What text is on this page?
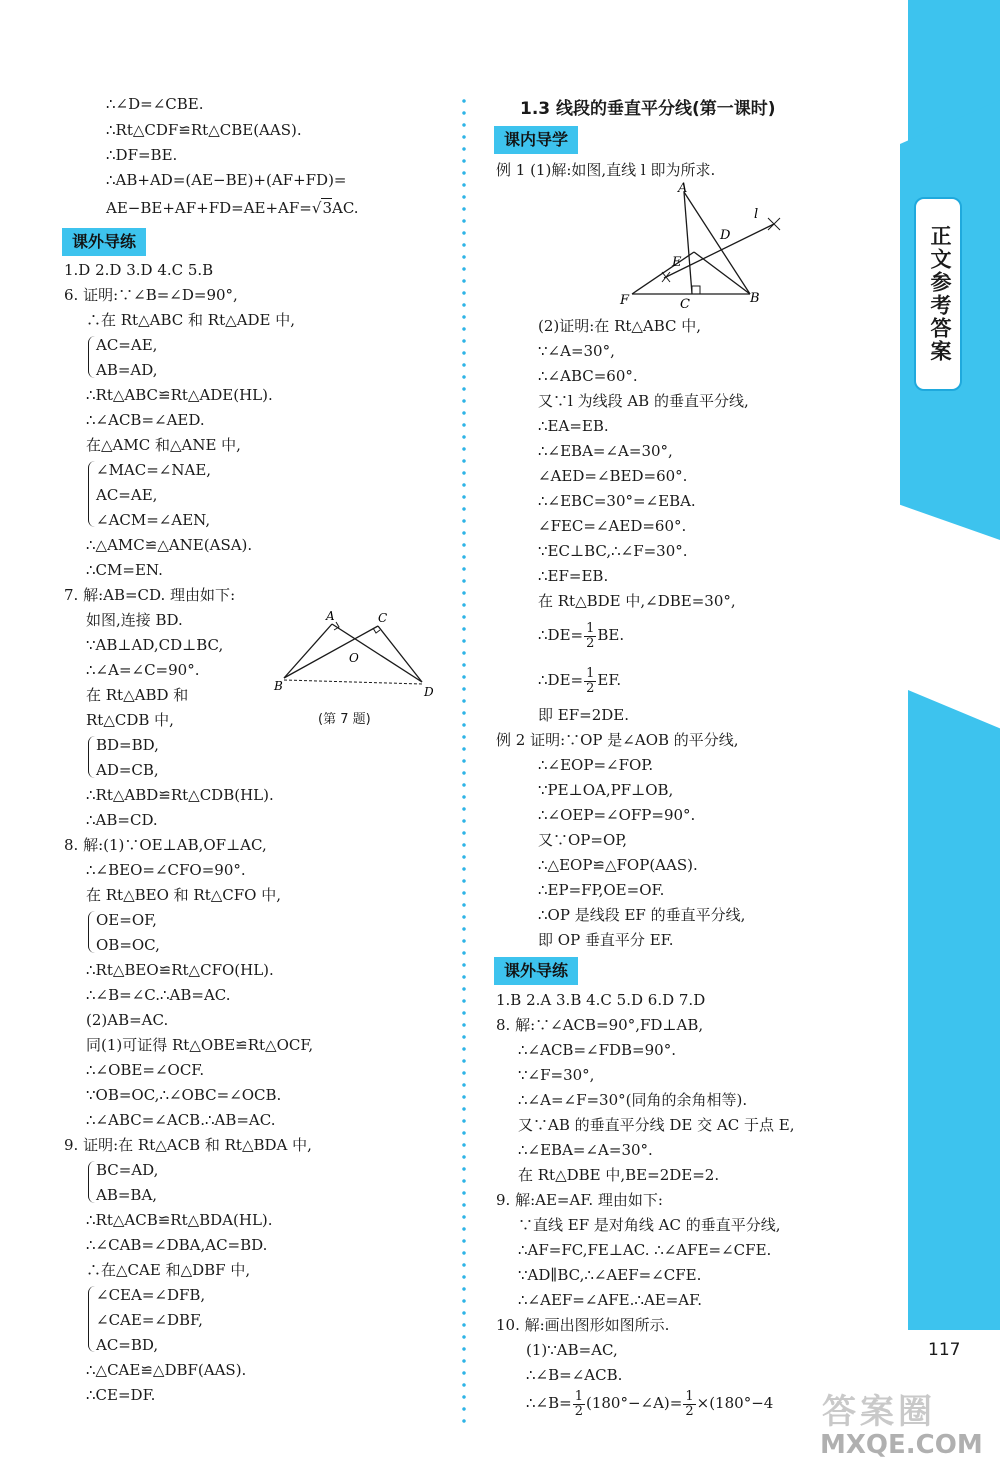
正文参考答案
∴∠D=∠CBE.
∴Rt△CDF≌Rt△CBE(AAS).
∴DF=BE.
∴AB+AD=(AE−BE)+(AF+FD)=
AE−BE+AF+FD=AE+AF=√3AC.
课外导练
1.D 2.D 3.D 4.C 5.B
6. 证明:∵∠B=∠D=90°,
∴在 Rt△ABC 和 Rt△ADE 中,
AC=AE,
AB=AD,
∴Rt△ABC≌Rt△ADE(HL).
∴∠ACB=∠AED.
在△AMC 和△ANE 中,
∠MAC=∠NAE,
AC=AE,
∠ACM=∠AEN,
∴△AMC≌△ANE(ASA).
∴CM=EN.
7. 解:AB=CD. 理由如下:
如图,连接 BD.
∵AB⊥AD,CD⊥BC,
∴∠A=∠C=90°.
在 Rt△ABD 和
Rt△CDB 中,
A	C
O
B	D
(第 7 题)
BD=BD,
AD=CB,
∴Rt△ABD≌Rt△CDB(HL).
∴AB=CD.
8. 解:(1)∵OE⊥AB,OF⊥AC,
∴∠BEO=∠CFO=90°.
在 Rt△BEO 和 Rt△CFO 中,
OE=OF,
OB=OC,
∴Rt△BEO≌Rt△CFO(HL).
∴∠B=∠C.∴AB=AC.
(2)AB=AC.
同(1)可证得 Rt△OBE≌Rt△OCF,
∴∠OBE=∠OCF.
∵OB=OC,∴∠OBC=∠OCB.
∴∠ABC=∠ACB.∴AB=AC.
9. 证明:在 Rt△ACB 和 Rt△BDA 中,
BC=AD,
AB=BA,
∴Rt△ACB≌Rt△BDA(HL).
∴∠CAB=∠DBA,AC=BD.
∴在△CAE 和△DBF 中,
∠CEA=∠DFB,
∠CAE=∠DBF,
AC=BD,
∴△CAE≌△DBF(AAS).
∴CE=DF.
1.3 线段的垂直平分线(第一课时)
课内导学
例 1 (1)解:如图,直线 l 即为所求.
A
l
D
E
F	C	B
(2)证明:在 Rt△ABC 中,
∵∠A=30°,
∴∠ABC=60°.
又∵l 为线段 AB 的垂直平分线,
∴EA=EB.
∴∠EBA=∠A=30°,
∠AED=∠BED=60°.
∴∠EBC=30°=∠EBA.
∠FEC=∠AED=60°.
∵EC⊥BC,∴∠F=30°.
∴EF=EB.
在 Rt△BDE 中,∠DBE=30°,
∴DE= $\frac{1}{2}$ BE.
∴DE= $\frac{1}{2}$ EF.
即 EF=2DE.
例 2 证明:∵OP 是∠AOB 的平分线,
∴∠EOP=∠FOP.
∵PE⊥OA,PF⊥OB,
∴∠OEP=∠OFP=90°.
又∵OP=OP,
∴△EOP≌△FOP(AAS).
∴EP=FP,OE=OF.
∴OP 是线段 EF 的垂直平分线,
即 OP 垂直平分 EF.
课外导练
1.B 2.A 3.B 4.C 5.D 6.D 7.D
8. 解:∵∠ACB=90°,FD⊥AB,
∴∠ACB=∠FDB=90°.
∵∠F=30°,
∴∠A=∠F=30°(同角的余角相等).
又∵AB 的垂直平分线 DE 交 AC 于点 E,
∴∠EBA=∠A=30°.
在 Rt△DBE 中,BE=2DE=2.
9. 解:AE=AF. 理由如下:
∵直线 EF 是对角线 AC 的垂直平分线,
∴AF=FC,FE⊥AC. ∴∠AFE=∠CFE.
∵AD∥BC,∴∠AEF=∠CFE.
∴∠AEF=∠AFE.∴AE=AF.
10. 解:画出图形如图所示.
(1)∵AB=AC,
∴∠B=∠ACB.
∴∠B= $\frac{1}{2}$ (180°−∠A)= $\frac{1}{2} \times(180^\circ-4$
117
答案圈
MXQE.COM
